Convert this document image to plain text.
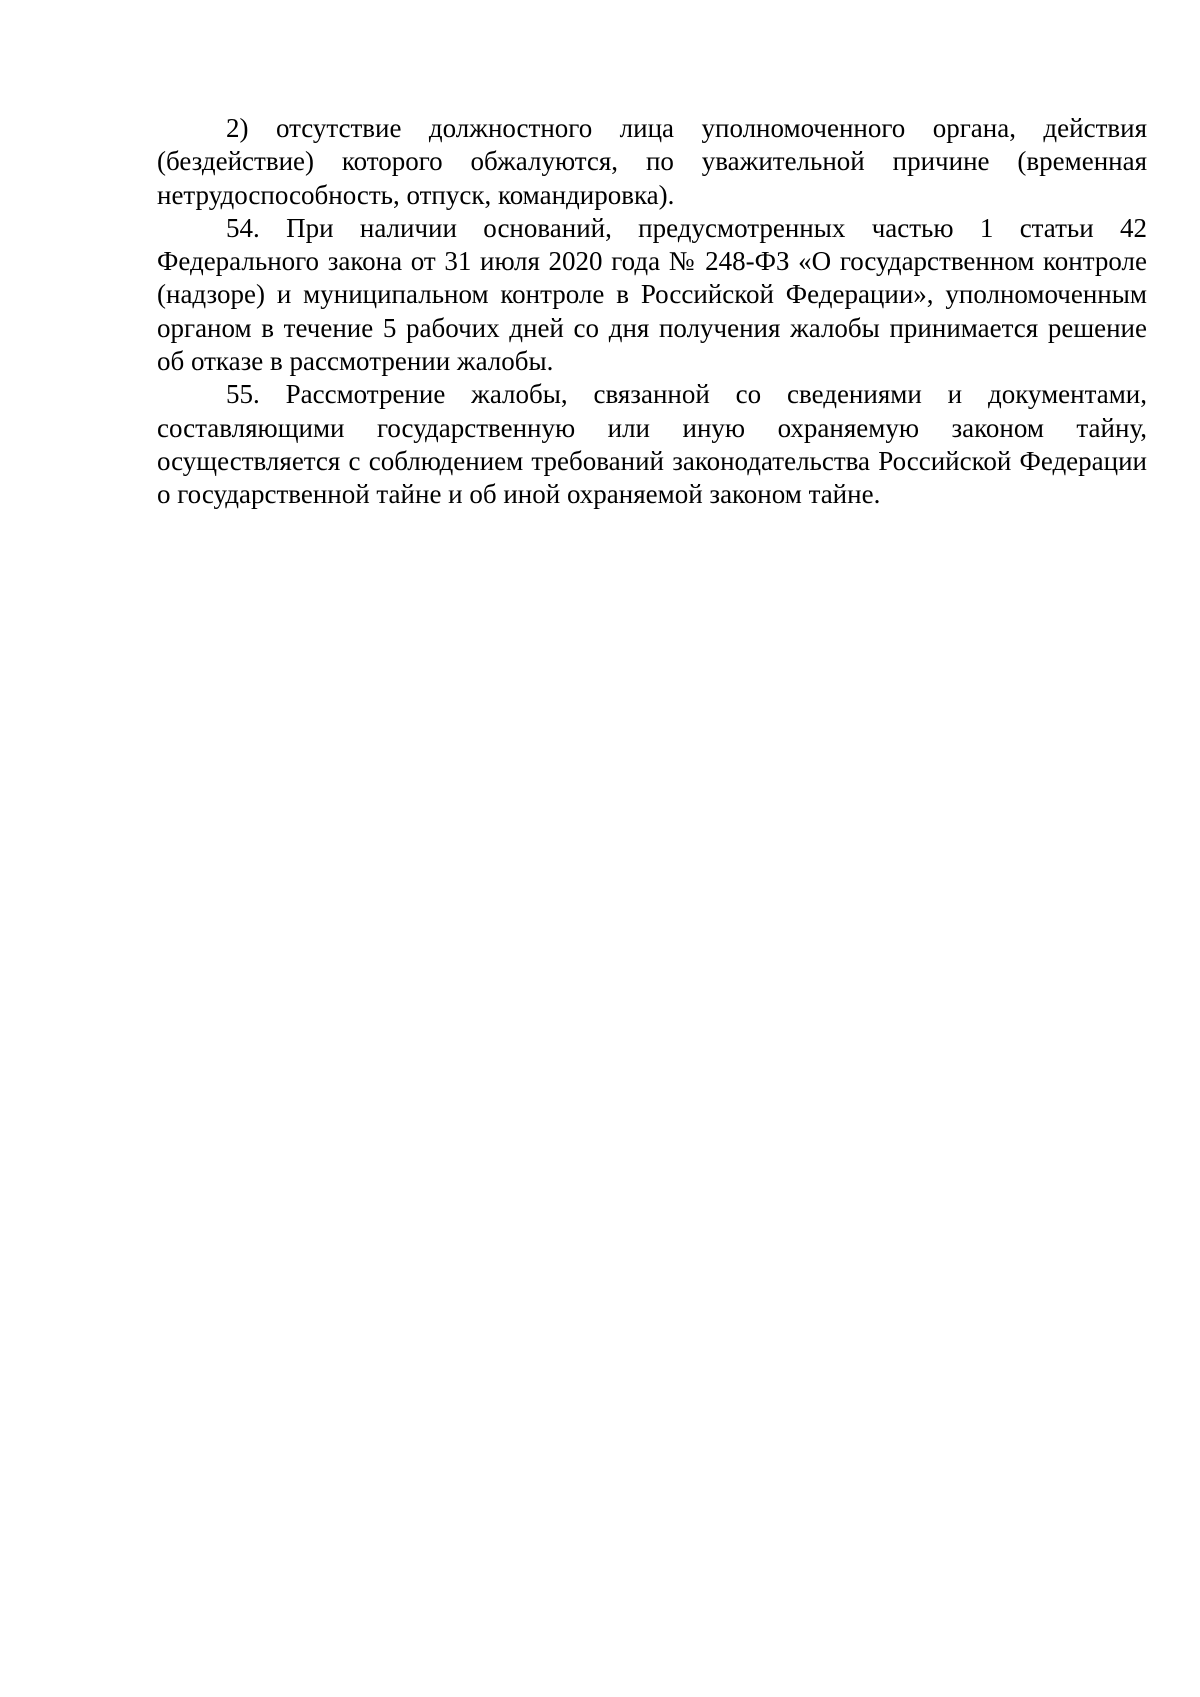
2) отсутствие должностного лица уполномоченного органа, действия (бездействие) которого обжалуются, по уважительной причине (временная нетрудоспособность, отпуск, командировка).

54. При наличии оснований, предусмотренных частью 1 статьи 42 Федерального закона от 31 июля 2020 года № 248-ФЗ «О государственном контроле (надзоре) и муниципальном контроле в Российской Федерации», уполномоченным органом в течение 5 рабочих дней со дня получения жалобы принимается решение об отказе в рассмотрении жалобы.

55. Рассмотрение жалобы, связанной со сведениями и документами, составляющими государственную или иную охраняемую законом тайну, осуществляется с соблюдением требований законодательства Российской Федерации о государственной тайне и об иной охраняемой законом тайне.
